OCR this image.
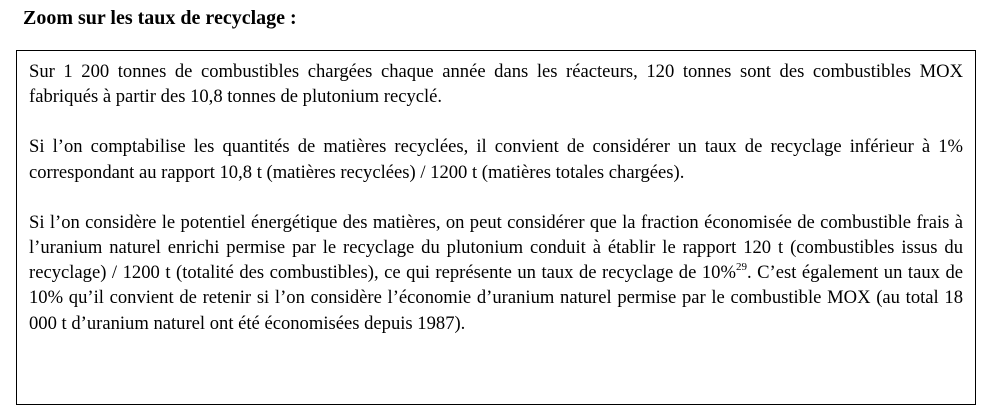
Zoom sur les taux de recyclage :

Sur 1 200 tonnes de combustibles chargées chaque année dans les réacteurs, 120 tonnes sont des combustibles MOX fabriqués à partir des 10,8 tonnes de plutonium recyclé.

Si l’on comptabilise les quantités de matières recyclées, il convient de considérer un taux de recyclage inférieur à 1% correspondant au rapport 10,8 t (matières recyclées) / 1200 t (matières totales chargées).

Si l’on considère le potentiel énergétique des matières, on peut considérer que la fraction économisée de combustible frais à l’uranium naturel enrichi permise par le recyclage du plutonium conduit à établir le rapport 120 t (combustibles issus du recyclage) / 1200 t (totalité des combustibles), ce qui représente un taux de recyclage de 10%$^{29}$. C’est également un taux de 10% qu’il convient de retenir si l’on considère l’économie d’uranium naturel permise par le combustible MOX (au total 18 000 t d’uranium naturel ont été économisées depuis 1987).
